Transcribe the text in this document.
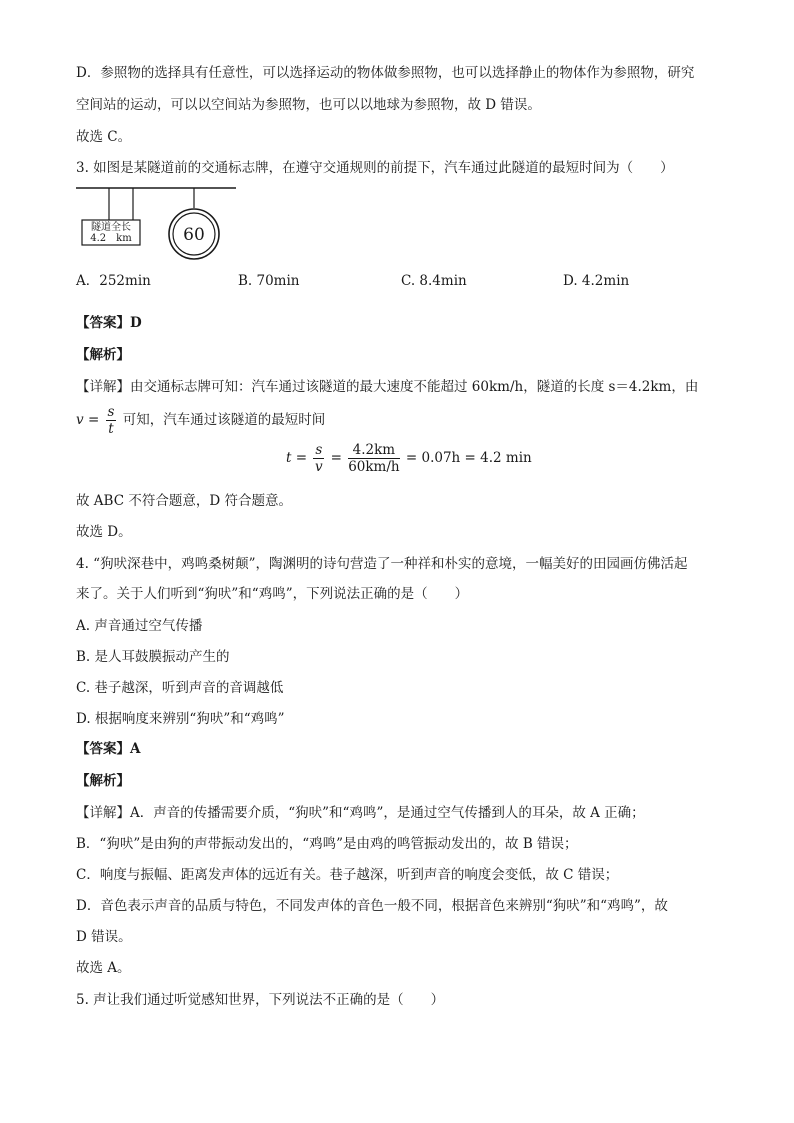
D．参照物的选择具有任意性，可以选择运动的物体做参照物，也可以选择静止的物体作为参照物，研究
空间站的运动，可以以空间站为参照物，也可以以地球为参照物，故 D 错误。
故选 C。
3. 如图是某隧道前的交通标志牌，在遵守交通规则的前提下，汽车通过此隧道的最短时间为（　　）
隧道全长
4.2　km	60
A．252min	B. 70min	C. 8.4min	D. 4.2min
【答案】D
【解析】
【详解】由交通标志牌可知：汽车通过该隧道的最大速度不能超过 60km/h，隧道的长度 s＝4.2km，由
$v = \frac{s}{t}$ 可知，汽车通过该隧道的最短时间
$t = \frac{s}{v} = \frac{4.2km}{60km/h} = 0.07h = 4.2$ min
故 ABC 不符合题意，D 符合题意。
故选 D。
4. “狗吠深巷中，鸡鸣桑树颠”，陶渊明的诗句营造了一种祥和朴实的意境，一幅美好的田园画仿佛活起
来了。关于人们听到“狗吠”和“鸡鸣”，下列说法正确的是（　　）
A. 声音通过空气传播
B. 是人耳鼓膜振动产生的
C. 巷子越深，听到声音的音调越低
D. 根据响度来辨别“狗吠”和“鸡鸣”
【答案】A
【解析】
【详解】A．声音的传播需要介质，“狗吠”和“鸡鸣”，是通过空气传播到人的耳朵，故 A 正确；
B．“狗吠”是由狗的声带振动发出的，“鸡鸣”是由鸡的鸣管振动发出的，故 B 错误；
C．响度与振幅、距离发声体的远近有关。巷子越深，听到声音的响度会变低，故 C 错误；
D．音色表示声音的品质与特色，不同发声体的音色一般不同，根据音色来辨别“狗吠”和“鸡鸣”，故
D 错误。
故选 A。
5. 声让我们通过听觉感知世界，下列说法不正确的是（　　）
